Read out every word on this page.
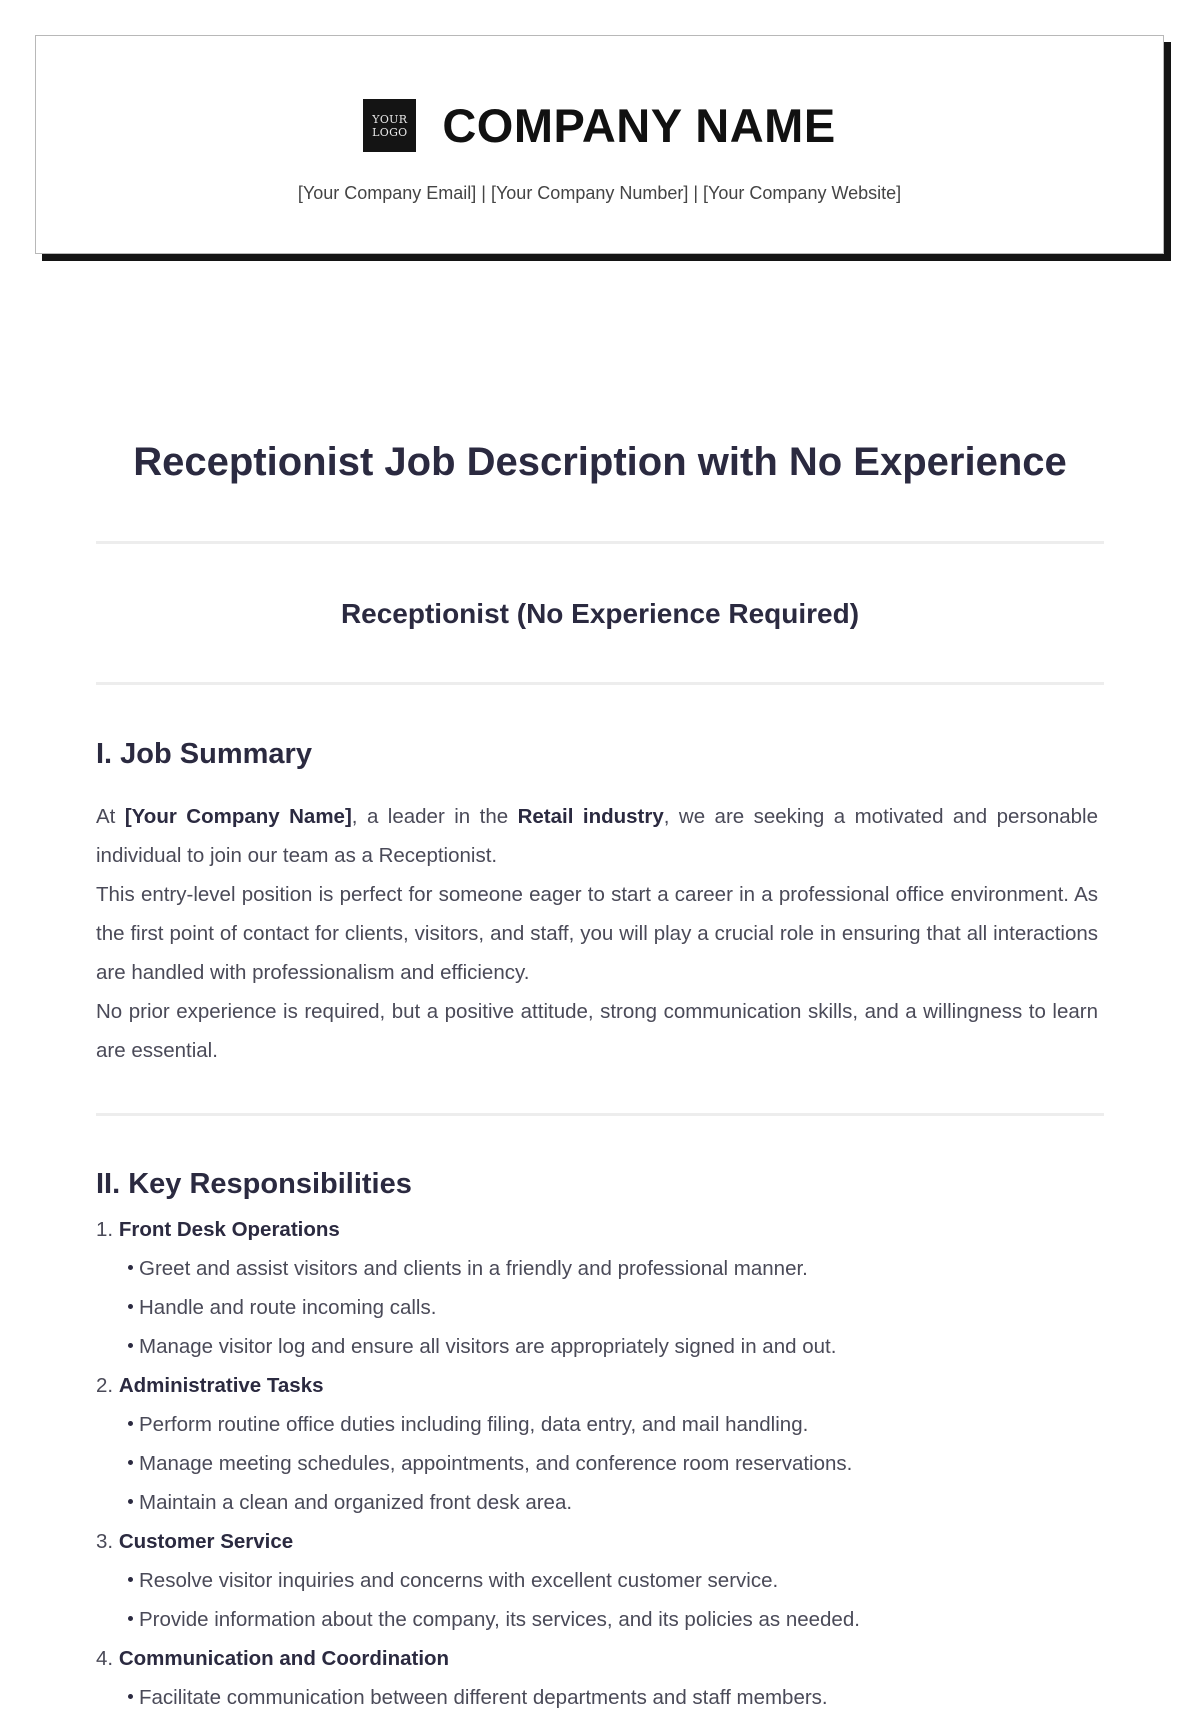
YOUR
LOGO COMPANY NAME
[Your Company Email] | [Your Company Number] | [Your Company Website]
Receptionist Job Description with No Experience
Receptionist (No Experience Required)
I. Job Summary

At [Your Company Name], a leader in the Retail industry, we are seeking a motivated and personable individual to join our team as a Receptionist.

This entry-level position is perfect for someone eager to start a career in a professional office environment. As the first point of contact for clients, visitors, and staff, you will play a crucial role in ensuring that all interactions are handled with professionalism and efficiency.

No prior experience is required, but a positive attitude, strong communication skills, and a willingness to learn are essential.

II. Key Responsibilities
1. Front Desk Operations
Greet and assist visitors and clients in a friendly and professional manner.
Handle and route incoming calls.
Manage visitor log and ensure all visitors are appropriately signed in and out.
2. Administrative Tasks
Perform routine office duties including filing, data entry, and mail handling.
Manage meeting schedules, appointments, and conference room reservations.
Maintain a clean and organized front desk area.
3. Customer Service
Resolve visitor inquiries and concerns with excellent customer service.
Provide information about the company, its services, and its policies as needed.
4. Communication and Coordination
Facilitate communication between different departments and staff members.
